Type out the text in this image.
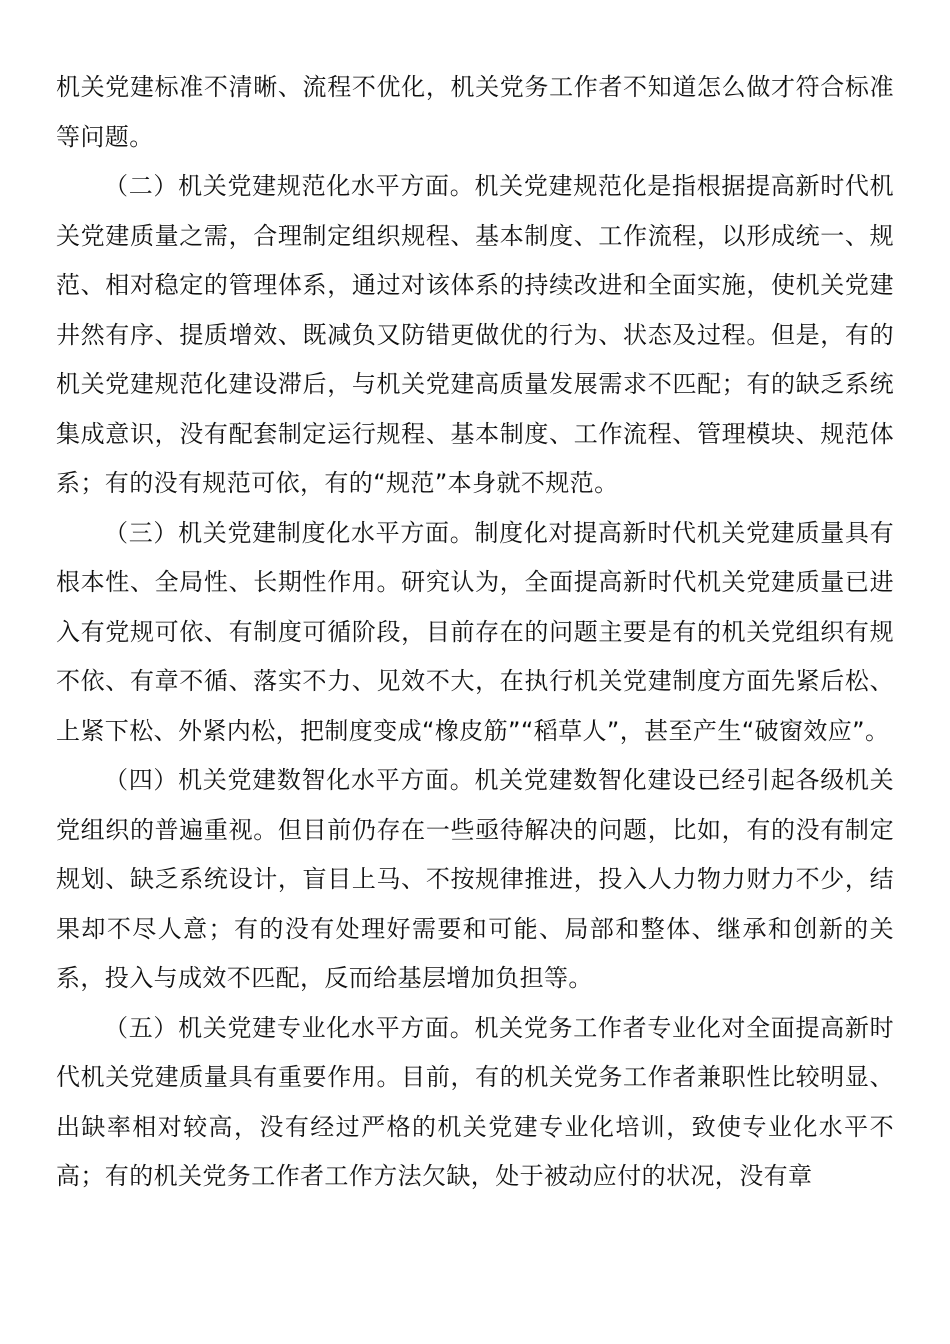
机关党建标准不清晰、流程不优化，机关党务工作者不知道怎么做才符合标准等问题。

（二）机关党建规范化水平方面。机关党建规范化是指根据提高新时代机关党建质量之需，合理制定组织规程、基本制度、工作流程，以形成统一、规范、相对稳定的管理体系，通过对该体系的持续改进和全面实施，使机关党建井然有序、提质增效、既减负又防错更做优的行为、状态及过程。但是，有的机关党建规范化建设滞后，与机关党建高质量发展需求不匹配；有的缺乏系统集成意识，没有配套制定运行规程、基本制度、工作流程、管理模块、规范体系；有的没有规范可依，有的“规范”本身就不规范。

（三）机关党建制度化水平方面。制度化对提高新时代机关党建质量具有根本性、全局性、长期性作用。研究认为，全面提高新时代机关党建质量已进入有党规可依、有制度可循阶段，目前存在的问题主要是有的机关党组织有规不依、有章不循、落实不力、见效不大，在执行机关党建制度方面先紧后松、上紧下松、外紧内松，把制度变成“橡皮筋”“稻草人”，甚至产生“破窗效应”。

（四）机关党建数智化水平方面。机关党建数智化建设已经引起各级机关党组织的普遍重视。但目前仍存在一些亟待解决的问题，比如，有的没有制定规划、缺乏系统设计，盲目上马、不按规律推进，投入人力物力财力不少，结果却不尽人意；有的没有处理好需要和可能、局部和整体、继承和创新的关系，投入与成效不匹配，反而给基层增加负担等。

（五）机关党建专业化水平方面。机关党务工作者专业化对全面提高新时代机关党建质量具有重要作用。目前，有的机关党务工作者兼职性比较明显、出缺率相对较高，没有经过严格的机关党建专业化培训，致使专业化水平不高；有的机关党务工作者工作方法欠缺，处于被动应付的状况，没有章
